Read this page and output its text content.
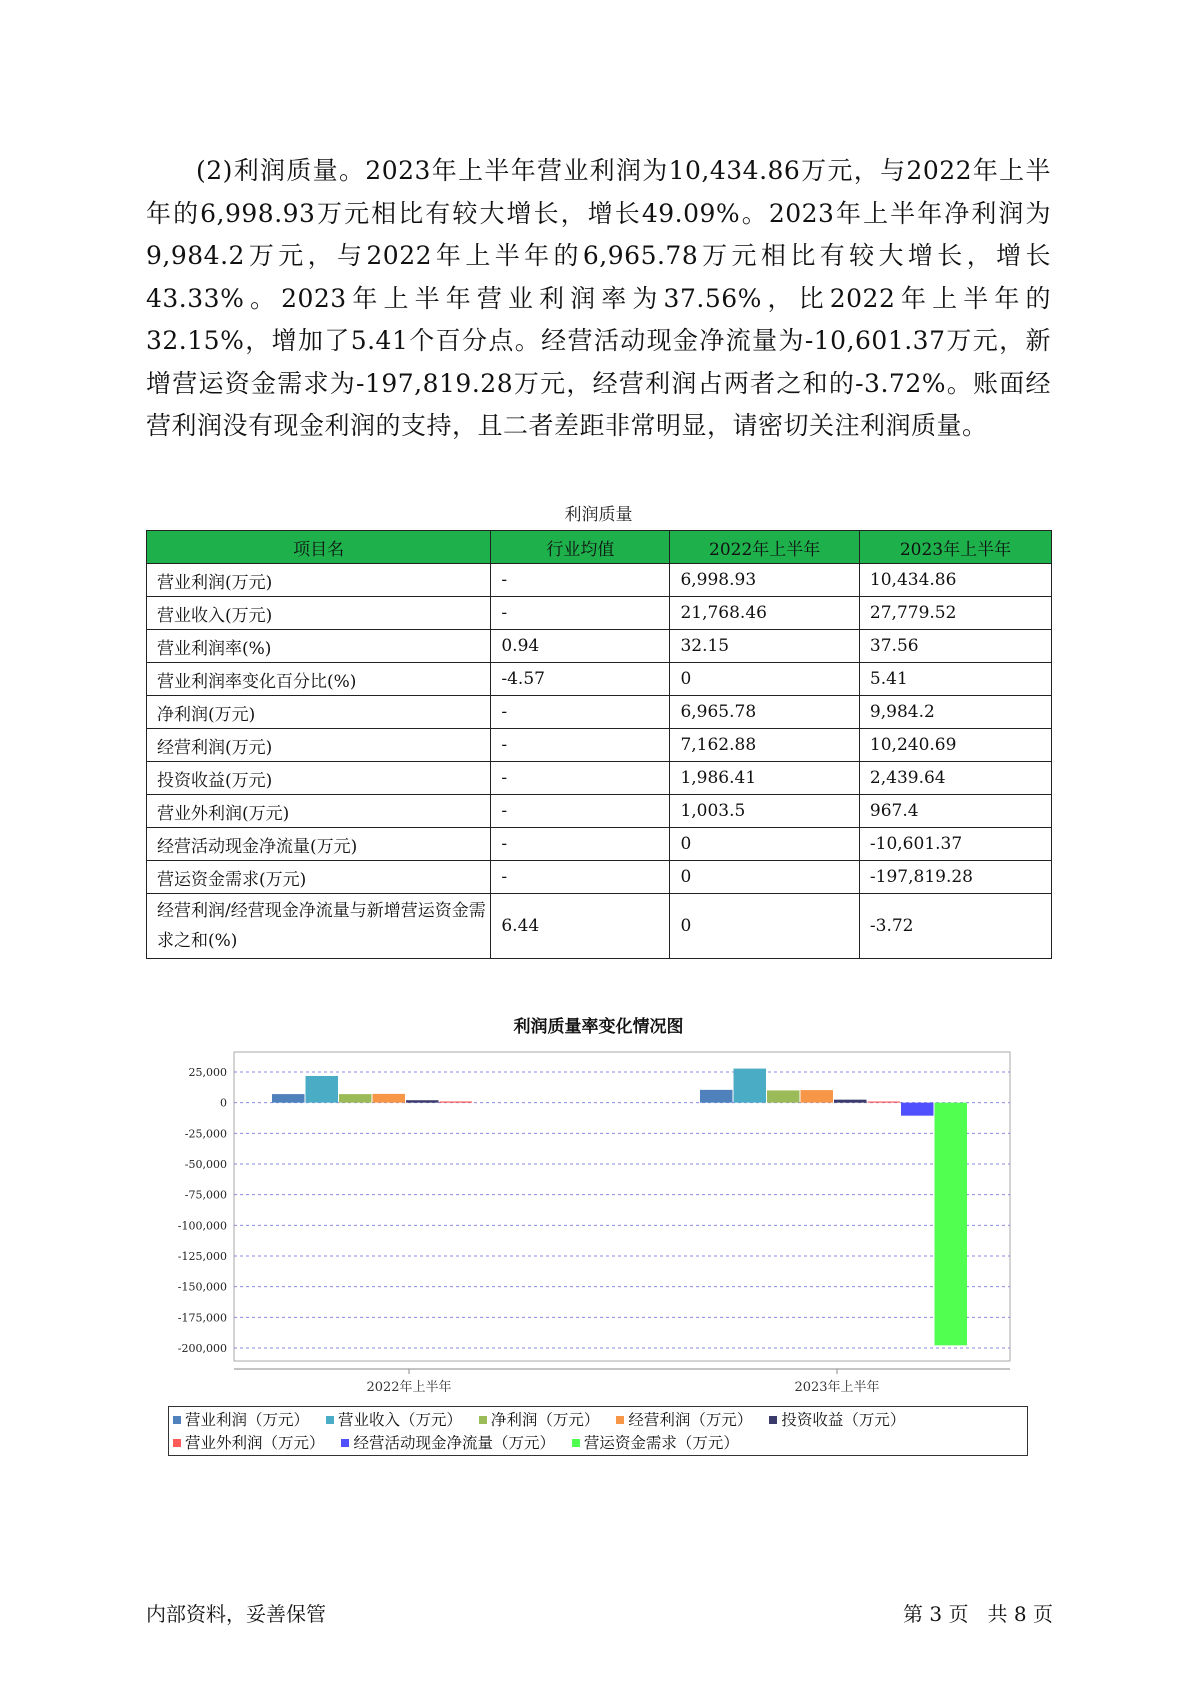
(2)利润质量。2023年上半年营业利润为10,434.86万元，与2022年上半年的6,998.93万元相比有较大增长，增长49.09%。2023年上半年净利润为9,984.2万元，与2022年上半年的6,965.78万元相比有较大增长，增长43.33%。2023年上半年营业利润率为37.56%，比2022年上半年的32.15%，增加了5.41个百分点。经营活动现金净流量为-10,601.37万元，新增营运资金需求为-197,819.28万元，经营利润占两者之和的-3.72%。账面经营利润没有现金利润的支持，且二者差距非常明显，请密切关注利润质量。

利润质量
项目名	行业均值	2022年上半年	2023年上半年
营业利润(万元)	-	6,998.93	10,434.86
营业收入(万元)	-	21,768.46	27,779.52
营业利润率(%)	0.94	32.15	37.56
营业利润率变化百分比(%)	-4.57	0	5.41
净利润(万元)	-	6,965.78	9,984.2
经营利润(万元)	-	7,162.88	10,240.69
投资收益(万元)	-	1,986.41	2,439.64
营业外利润(万元)	-	1,003.5	967.4
经营活动现金净流量(万元)	-	0	-10,601.37
营运资金需求(万元)	-	0	-197,819.28
经营利润/经营现金净流量与新增营运资金需求之和(%)	6.44	0	-3.72
利润质量率变化情况图
25,000
0
-25,000
-50,000
-75,000
-100,000
-125,000
-150,000
-175,000
-200,000
2022年上半年	2023年上半年
营业利润（万元） 营业收入（万元） 净利润（万元） 经营利润（万元） 投资收益（万元）
营业外利润（万元） 经营活动现金净流量（万元） 营运资金需求（万元）
内部资料，妥善保管	第 3 页   共 8 页
